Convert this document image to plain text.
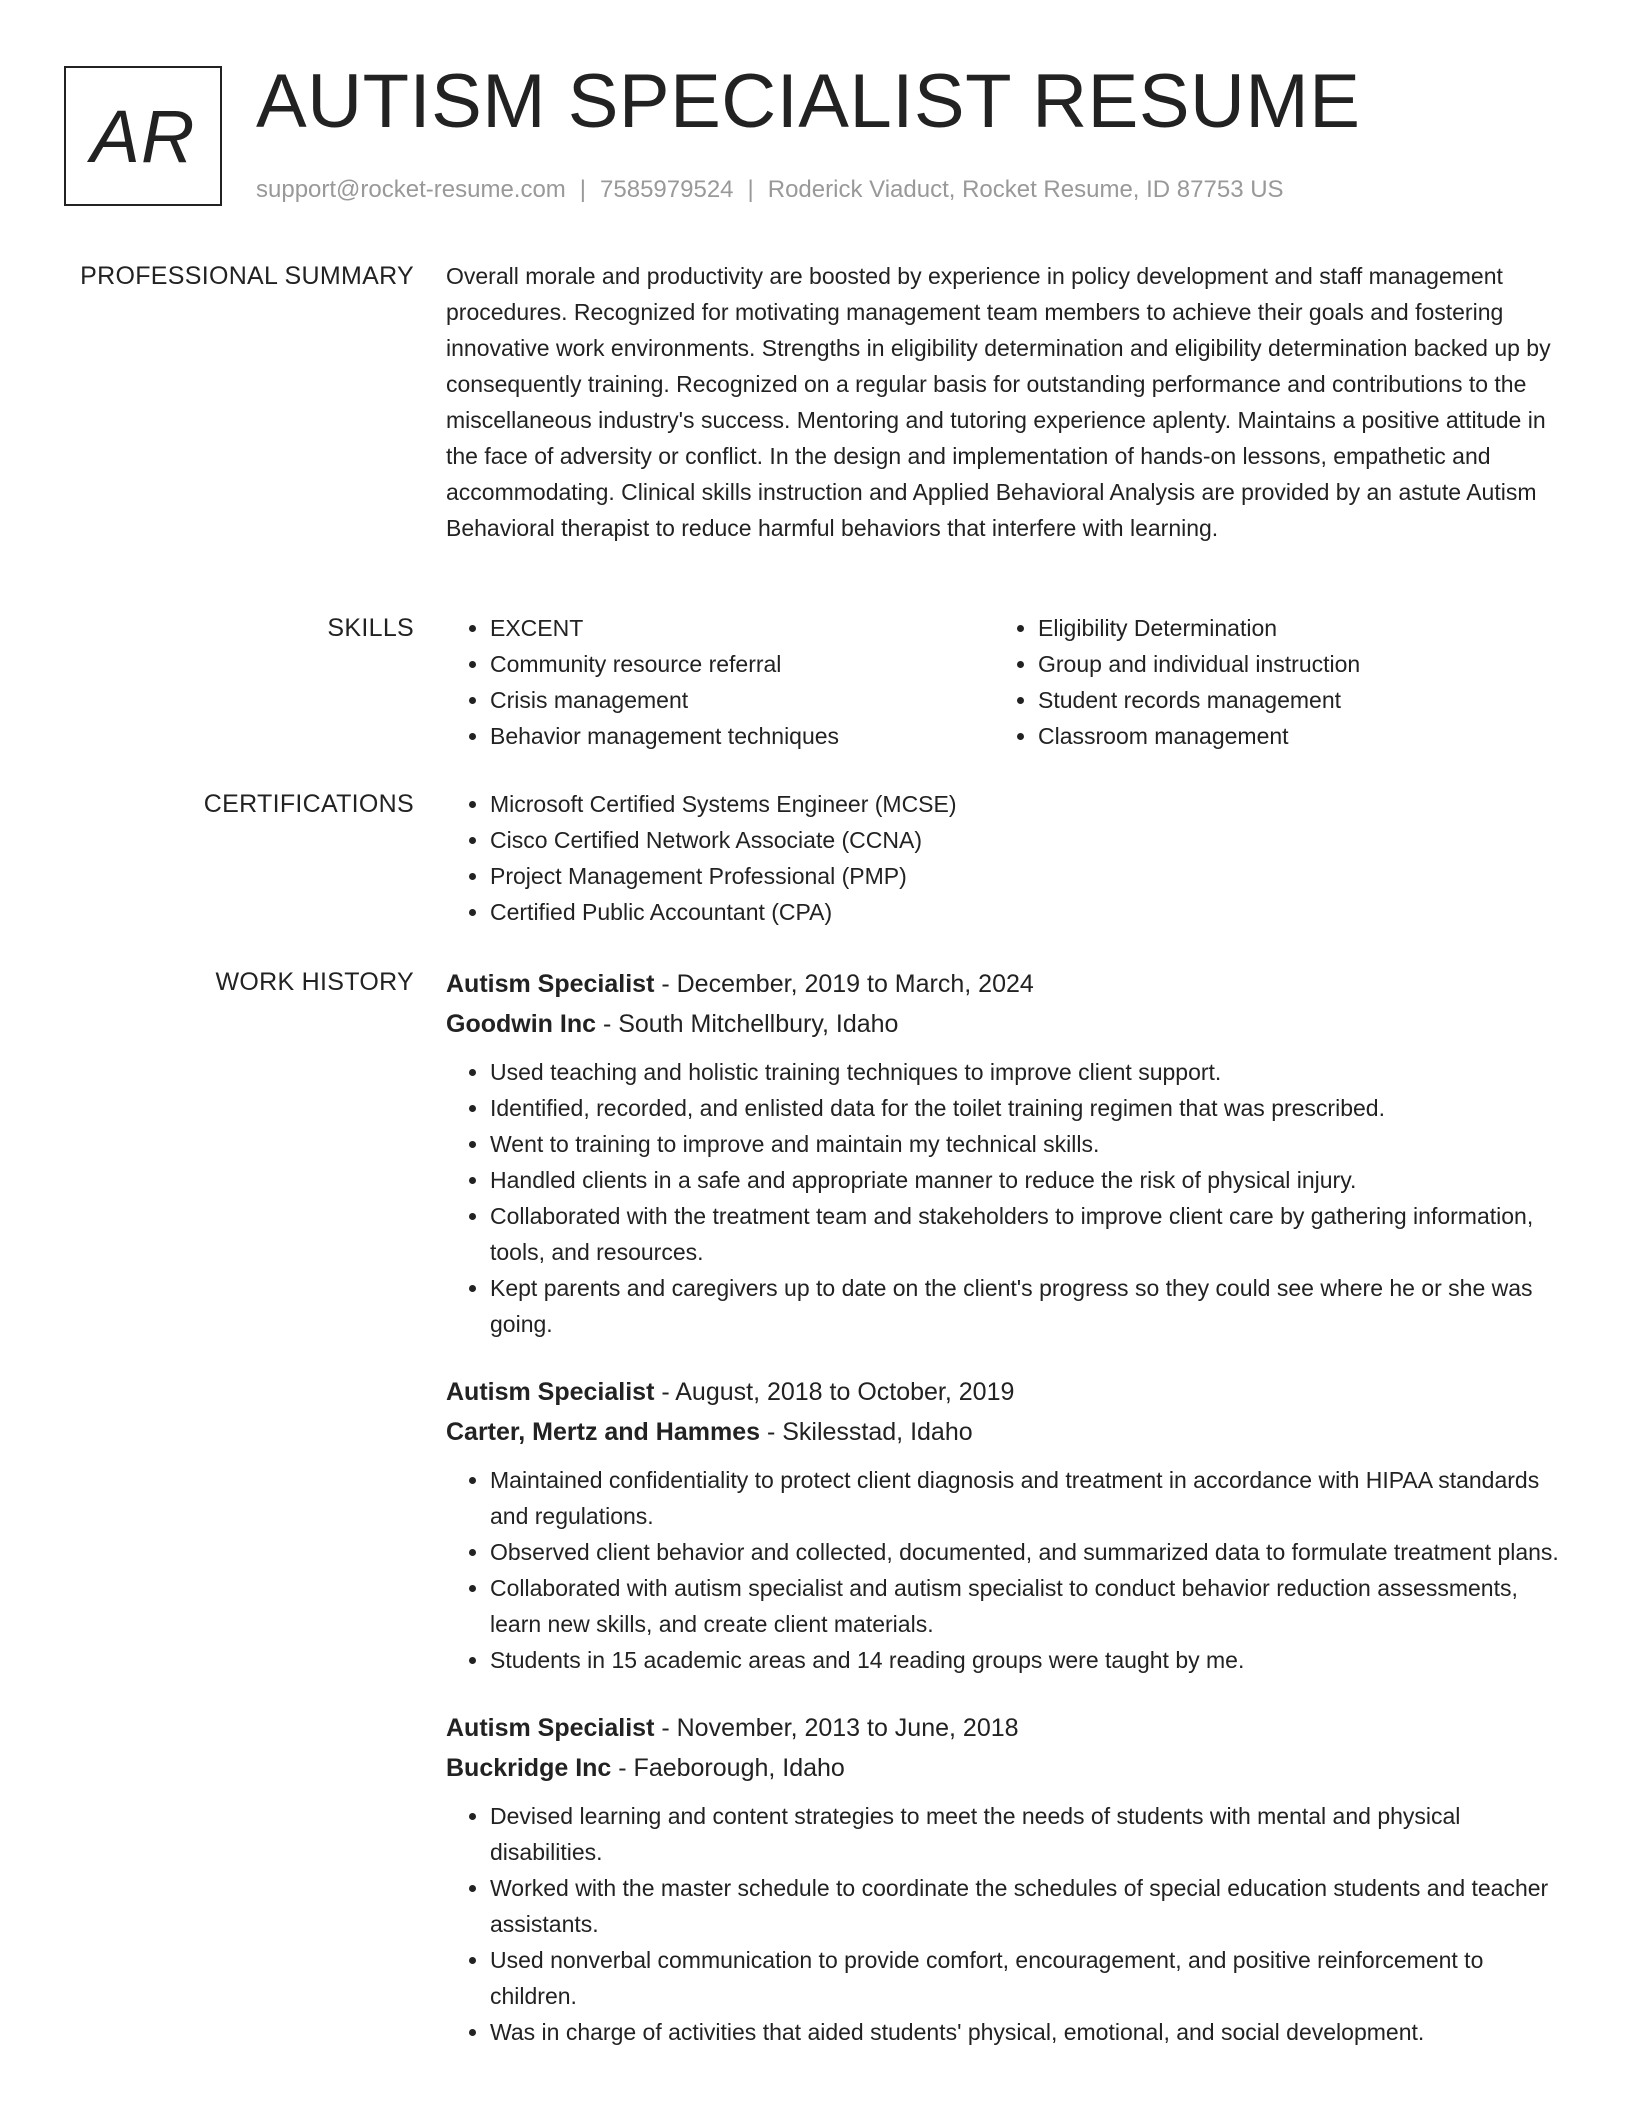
AR AUTISM SPECIALIST RESUME
support@rocket-resume.com | 7585979524 | Roderick Viaduct, Rocket Resume, ID 87753 US
PROFESSIONAL SUMMARY Overall morale and productivity are boosted by experience in policy development and staff management procedures. Recognized for motivating management team members to achieve their goals and fostering innovative work environments. Strengths in eligibility determination and eligibility determination backed up by consequently training. Recognized on a regular basis for outstanding performance and contributions to the miscellaneous industry's success. Mentoring and tutoring experience aplenty. Maintains a positive attitude in the face of adversity or conflict. In the design and implementation of hands-on lessons, empathetic and accommodating. Clinical skills instruction and Applied Behavioral Analysis are provided by an astute Autism Behavioral therapist to reduce harmful behaviors that interfere with learning.

SKILLS	• EXCENT
• Community resource referral
• Crisis management
• Behavior management techniques
• Eligibility Determination
• Group and individual instruction
• Student records management
• Classroom management
CERTIFICATIONS	• Microsoft Certified Systems Engineer (MCSE)
• Cisco Certified Network Associate (CCNA)
• Project Management Professional (PMP)
• Certified Public Accountant (CPA)
WORK HISTORY Autism Specialist - December, 2019 to March, 2024
Goodwin Inc - South Mitchellbury, Idaho
• Used teaching and holistic training techniques to improve client support.
• Identified, recorded, and enlisted data for the toilet training regimen that was prescribed.
• Went to training to improve and maintain my technical skills.
• Handled clients in a safe and appropriate manner to reduce the risk of physical injury.
• Collaborated with the treatment team and stakeholders to improve client care by gathering information, tools, and resources.
• Kept parents and caregivers up to date on the client's progress so they could see where he or she was going.
Autism Specialist - August, 2018 to October, 2019
Carter, Mertz and Hammes - Skilesstad, Idaho
• Maintained confidentiality to protect client diagnosis and treatment in accordance with HIPAA standards and regulations.
• Observed client behavior and collected, documented, and summarized data to formulate treatment plans.
• Collaborated with autism specialist and autism specialist to conduct behavior reduction assessments, learn new skills, and create client materials.
• Students in 15 academic areas and 14 reading groups were taught by me.
Autism Specialist - November, 2013 to June, 2018
Buckridge Inc - Faeborough, Idaho
• Devised learning and content strategies to meet the needs of students with mental and physical disabilities.
• Worked with the master schedule to coordinate the schedules of special education students and teacher assistants.
• Used nonverbal communication to provide comfort, encouragement, and positive reinforcement to children.
• Was in charge of activities that aided students' physical, emotional, and social development.
